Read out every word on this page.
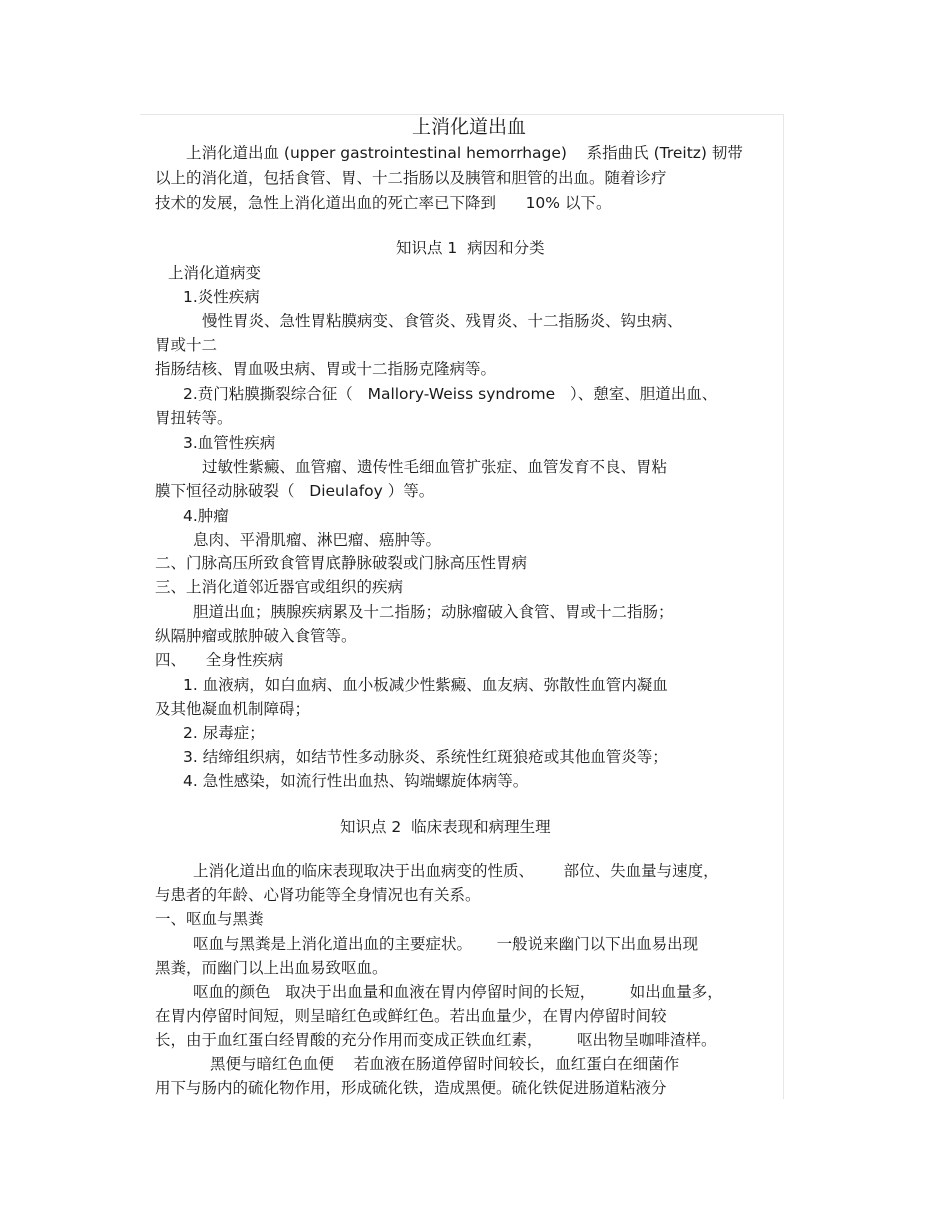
上消化道出血
上消化道出血 (upper gastrointestinal hemorrhage)    系指曲氏 (Treitz) 韧带
以上的消化道，包括食管、胃、十二指肠以及胰管和胆管的出血。随着诊疗
技术的发展，急性上消化道出血的死亡率已下降到      10% 以下。
知识点 1  病因和分类
上消化道病变
1.炎性疾病
慢性胃炎、急性胃粘膜病变、食管炎、残胃炎、十二指肠炎、钩虫病、
胃或十二
指肠结核、胃血吸虫病、胃或十二指肠克隆病等。
2.贲门粘膜撕裂综合征（   Mallory-Weiss syndrome   ）、憩室、胆道出血、
胃扭转等。
3.血管性疾病
过敏性紫癜、血管瘤、遗传性毛细血管扩张症、血管发育不良、胃粘
膜下恒径动脉破裂（   Dieulafoy ）等。
4.肿瘤
息肉、平滑肌瘤、淋巴瘤、癌肿等。
二、门脉高压所致食管胃底静脉破裂或门脉高压性胃病
三、上消化道邻近器官或组织的疾病
胆道出血；胰腺疾病累及十二指肠；动脉瘤破入食管、胃或十二指肠；
纵隔肿瘤或脓肿破入食管等。
四、    全身性疾病
1. 血液病，如白血病、血小板减少性紫癜、血友病、弥散性血管内凝血
及其他凝血机制障碍；
2. 尿毒症；
3. 结缔组织病，如结节性多动脉炎、系统性红斑狼疮或其他血管炎等；
4. 急性感染，如流行性出血热、钩端螺旋体病等。
知识点 2  临床表现和病理生理
上消化道出血的临床表现取决于出血病变的性质、      部位、失血量与速度，
与患者的年龄、心肾功能等全身情况也有关系。
一、呕血与黑粪
呕血与黑粪是上消化道出血的主要症状。     一般说来幽门以下出血易出现
黑粪，而幽门以上出血易致呕血。
呕血的颜色   取决于出血量和血液在胃内停留时间的长短，       如出血量多，
在胃内停留时间短，则呈暗红色或鲜红色。若出血量少，在胃内停留时间较
长，由于血红蛋白经胃酸的充分作用而变成正铁血红素，       呕出物呈咖啡渣样。
黑便与暗红色血便    若血液在肠道停留时间较长，血红蛋白在细菌作
用下与肠内的硫化物作用，形成硫化铁，造成黑便。硫化铁促进肠道粘液分
